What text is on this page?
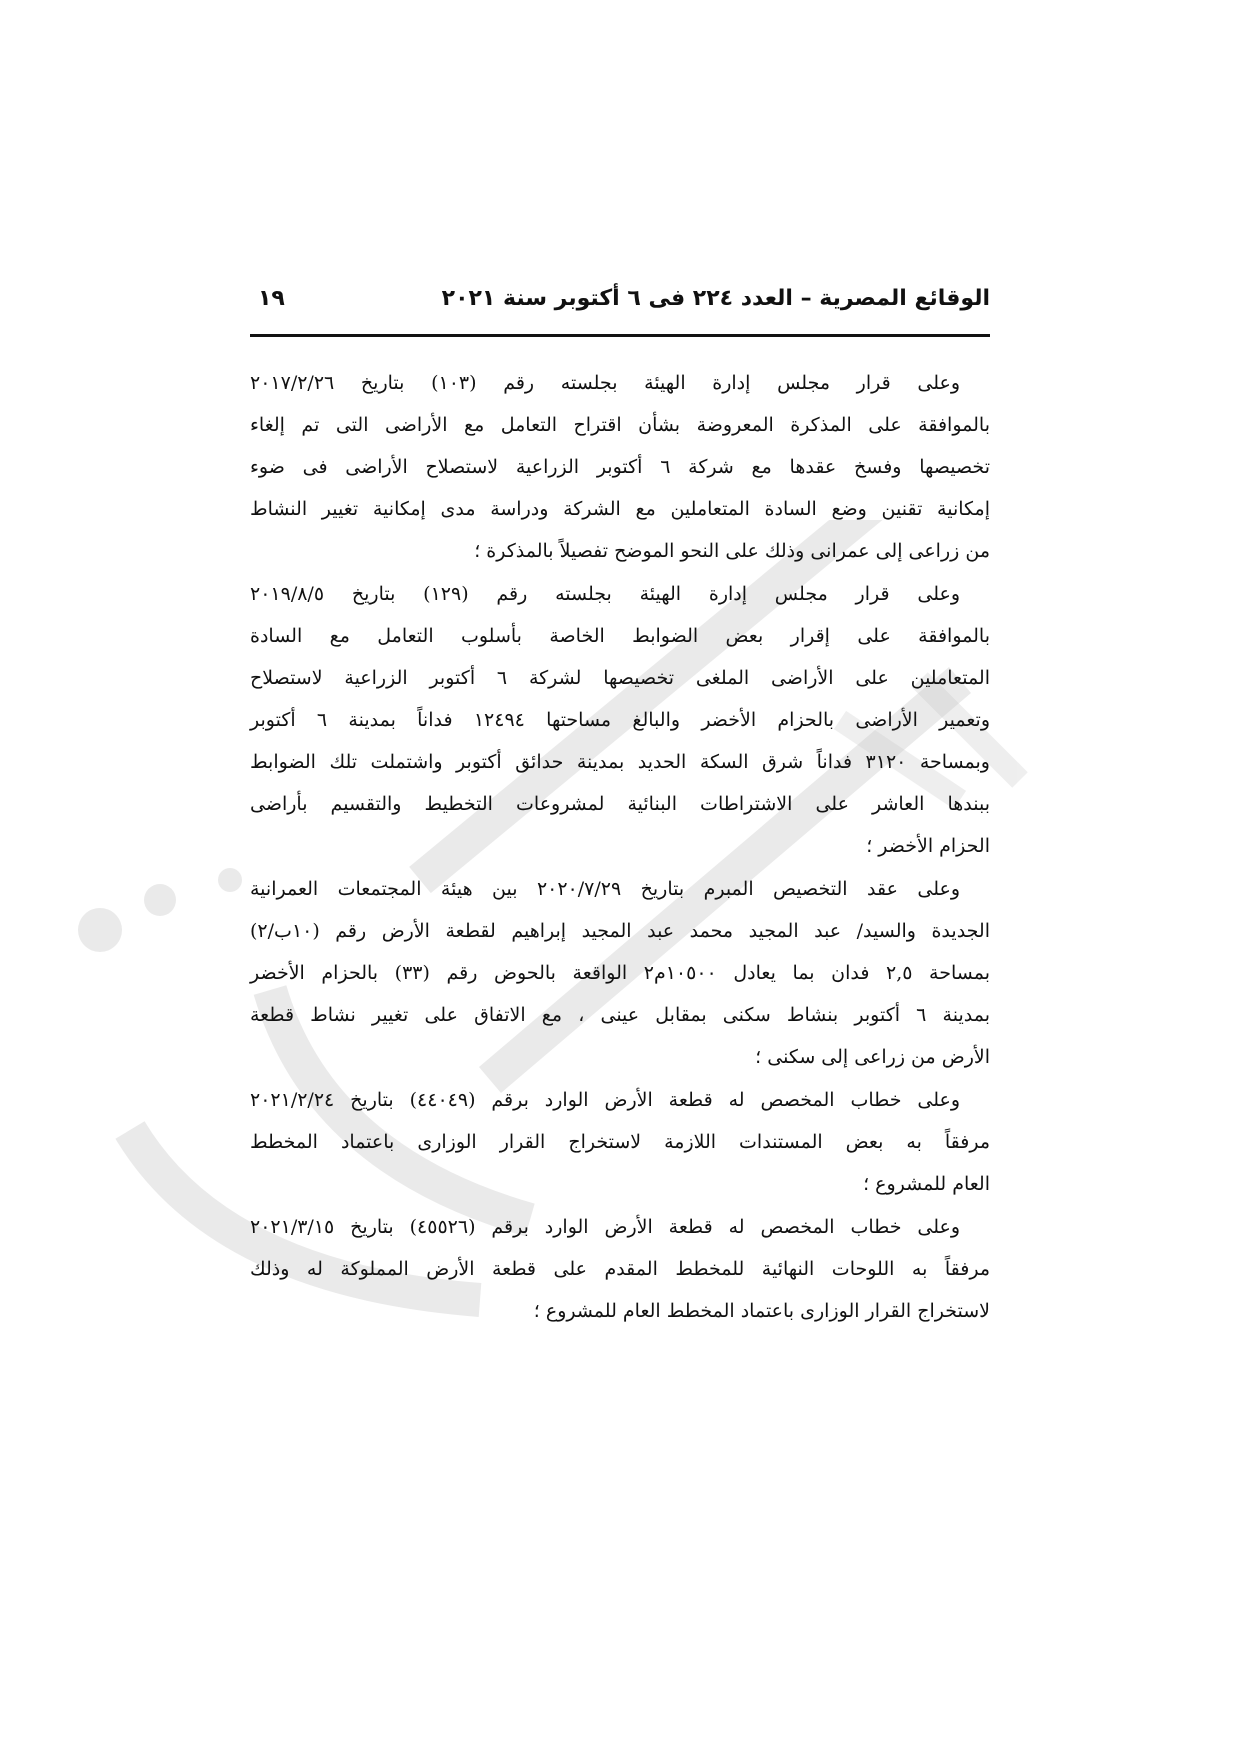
الوقائع المصرية – العدد ٢٢٤ فى ٦ أكتوبر سنة ٢٠٢١
١٩
وعلى قرار مجلس إدارة الهيئة بجلسته رقم (١٠٣) بتاريخ ٢٠١٧/٢/٢٦
بالموافقة على المذكرة المعروضة بشأن اقتراح التعامل مع الأراضى التى تم إلغاء
تخصيصها وفسخ عقدها مع شركة ٦ أكتوبر الزراعية لاستصلاح الأراضى فى ضوء
إمكانية تقنين وضع السادة المتعاملين مع الشركة ودراسة مدى إمكانية تغيير النشاط
من زراعى إلى عمرانى وذلك على النحو الموضح تفصيلاً بالمذكرة ؛
وعلى قرار مجلس إدارة الهيئة بجلسته رقم (١٢٩) بتاريخ ٢٠١٩/٨/٥
بالموافقة على إقرار بعض الضوابط الخاصة بأسلوب التعامل مع السادة
المتعاملين على الأراضى الملغى تخصيصها لشركة ٦ أكتوبر الزراعية لاستصلاح
وتعمير الأراضى بالحزام الأخضر والبالغ مساحتها ١٢٤٩٤ فداناً بمدينة ٦ أكتوبر
وبمساحة ٣١٢٠ فداناً شرق السكة الحديد بمدينة حدائق أكتوبر واشتملت تلك الضوابط
ببندها العاشر على الاشتراطات البنائية لمشروعات التخطيط والتقسيم بأراضى
الحزام الأخضر ؛
وعلى عقد التخصيص المبرم بتاريخ ٢٠٢٠/٧/٢٩ بين هيئة المجتمعات العمرانية
الجديدة والسيد/ عبد المجيد محمد عبد المجيد إبراهيم لقطعة الأرض رقم (١٠ب/٢)
بمساحة ٢,٥ فدان بما يعادل ١٠٥٠٠م٢ الواقعة بالحوض رقم (٣٣) بالحزام الأخضر
بمدينة ٦ أكتوبر بنشاط سكنى بمقابل عينى ، مع الاتفاق على تغيير نشاط قطعة
الأرض من زراعى إلى سكنى ؛
وعلى خطاب المخصص له قطعة الأرض الوارد برقم (٤٤٠٤٩) بتاريخ ٢٠٢١/٢/٢٤
مرفقاً به بعض المستندات اللازمة لاستخراج القرار الوزارى باعتماد المخطط
العام للمشروع ؛
وعلى خطاب المخصص له قطعة الأرض الوارد برقم (٤٥٥٢٦) بتاريخ ٢٠٢١/٣/١٥
مرفقاً به اللوحات النهائية للمخطط المقدم على قطعة الأرض المملوكة له وذلك
لاستخراج القرار الوزارى باعتماد المخطط العام للمشروع ؛
